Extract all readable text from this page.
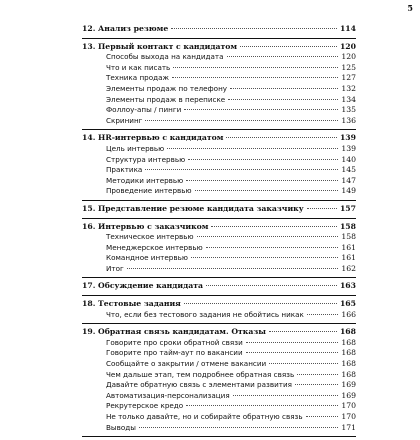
5
12. Анализ резюме	114
13. Первый контакт с кандидатом	120
Способы выхода на кандидата	120
Что и как писать	125
Техника продаж	127
Элементы продаж по телефону	132
Элементы продаж в переписке	134
Фоллоу-апы / пинги	135
Скрининг	136
14. HR-интервью с кандидатом	139
Цель интервью	139
Структура интервью	140
Практика	145
Методики интервью	147
Проведение интервью	149
15. Представление резюме кандидата заказчику	157
16. Интервью с заказчиком	158
Техническое интервью	158
Менеджерское интервью	161
Командное интервью	161
Итог	162
17. Обсуждение кандидата	163
18. Тестовые задания	165
Что, если без тестового задания не обойтись никак	166
19. Обратная связь кандидатам. Отказы	168
Говорите про сроки обратной связи	168
Говорите про тайм-аут по вакансии	168
Сообщайте о закрытии / отмене вакансии	168
Чем дальше этап, тем подробнее обратная связь	168
Давайте обратную связь с элементами развития	169
Автоматизация-персонализация	169
Рекрутерское кредо	170
Не только давайте, но и собирайте обратную связь	170
Выводы	171
